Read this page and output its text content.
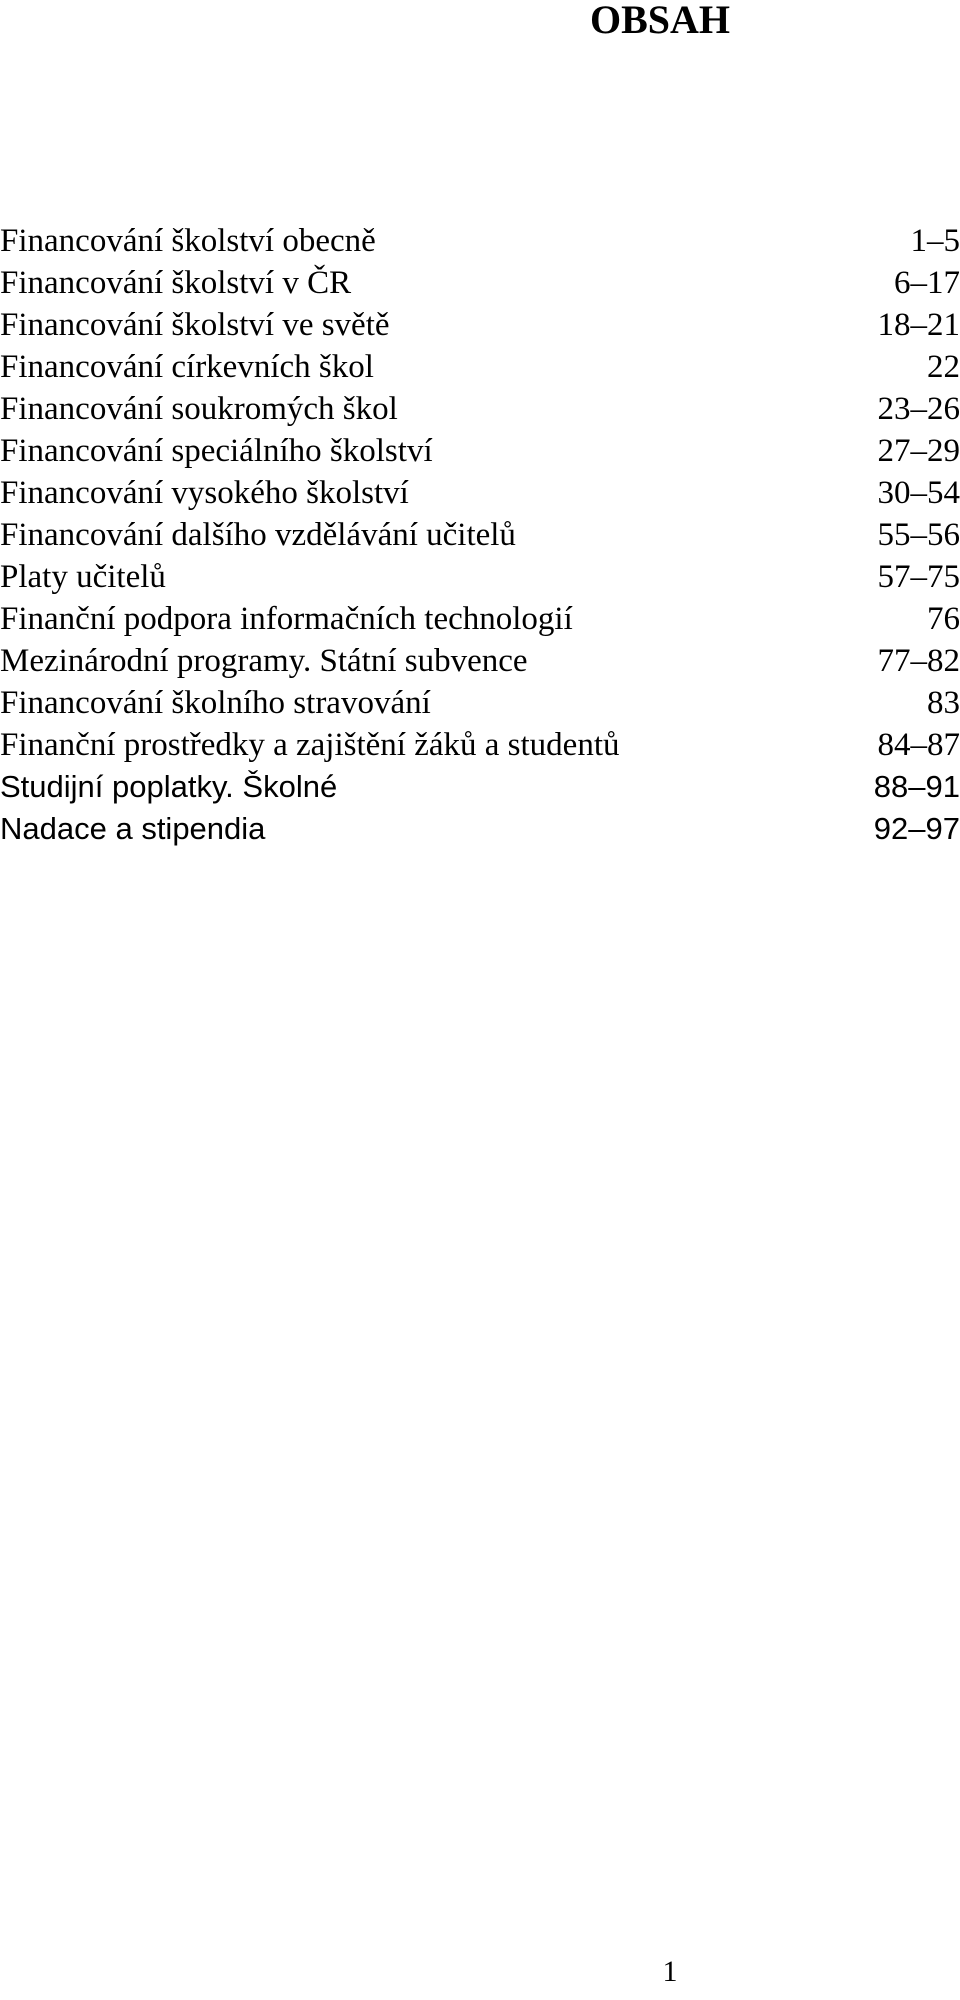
OBSAH
Financování školství obecně	1–5
Financování školství v ČR	6–17
Financování školství ve světě	18–21
Financování církevních škol	22
Financování soukromých škol	23–26
Financování speciálního školství	27–29
Financování vysokého školství	30–54
Financování dalšího vzdělávání učitelů	55–56
Platy učitelů	57–75
Finanční podpora informačních technologií	76
Mezinárodní programy. Státní subvence	77–82
Financování školního stravování	83
Finanční prostředky a zajištění žáků a studentů	84–87
Studijní poplatky. Školné	88–91
Nadace a stipendia	92–97
1
